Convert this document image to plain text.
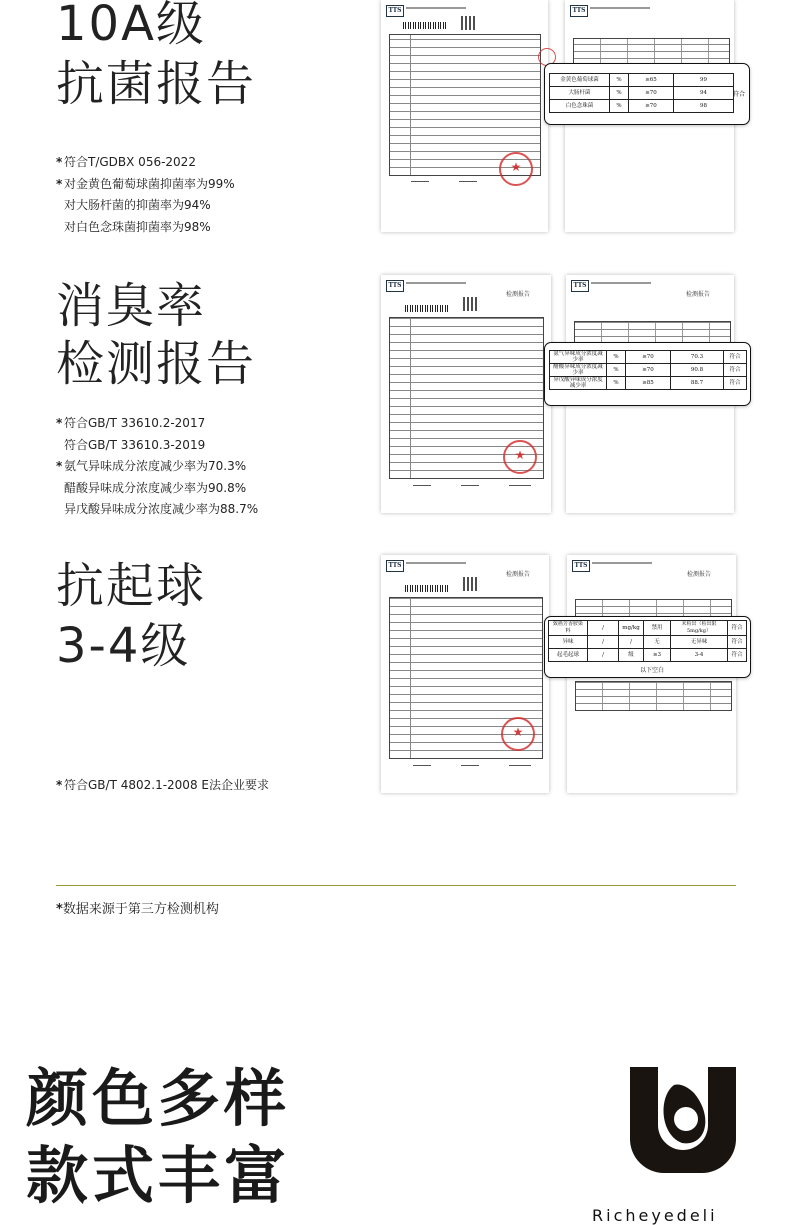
10A级
抗菌报告
* 符合T/GDBX 056-2022
* 对金黄色葡萄球菌抑菌率为99%
对大肠杆菌的抑菌率为94%
对白色念珠菌抑菌率为98%
TTS
★	TTS
金黄色葡萄球菌	%	≥65	99
大肠杆菌	%	≥70	94
白色念珠菌	%	≥70	98
符合
消臭率
检测报告
* 符合GB/T 33610.2-2017
符合GB/T 33610.3-2019
* 氨气异味成分浓度减少率为70.3%
醋酸异味成分浓度减少率为90.8%
异戊酸异味成分浓度减少率为88.7%
TTS
检测报告
★
TTS
检测报告
氨气异味成分浓度减少率	%	≥70	70.3	符合
醋酸异味成分浓度减少率	%	≥70	90.8	符合
异戊酸异味成分浓度减少率	%	≥85	88.7	符合
抗起球
3-4级
* 符合GB/T 4802.1-2008 E法企业要求
TTS
检测报告
★
TTS
检测报告
致癌芳香胺染料	/	mg/kg	禁用	未检出（检出限5mg/kg）	符合
异味	/	/	无	无异味	符合
起毛起球	/	级	≥3	3-4	符合
以下空白

*数据来源于第三方检测机构

颜色多样
款式丰富

Richeyedeli
